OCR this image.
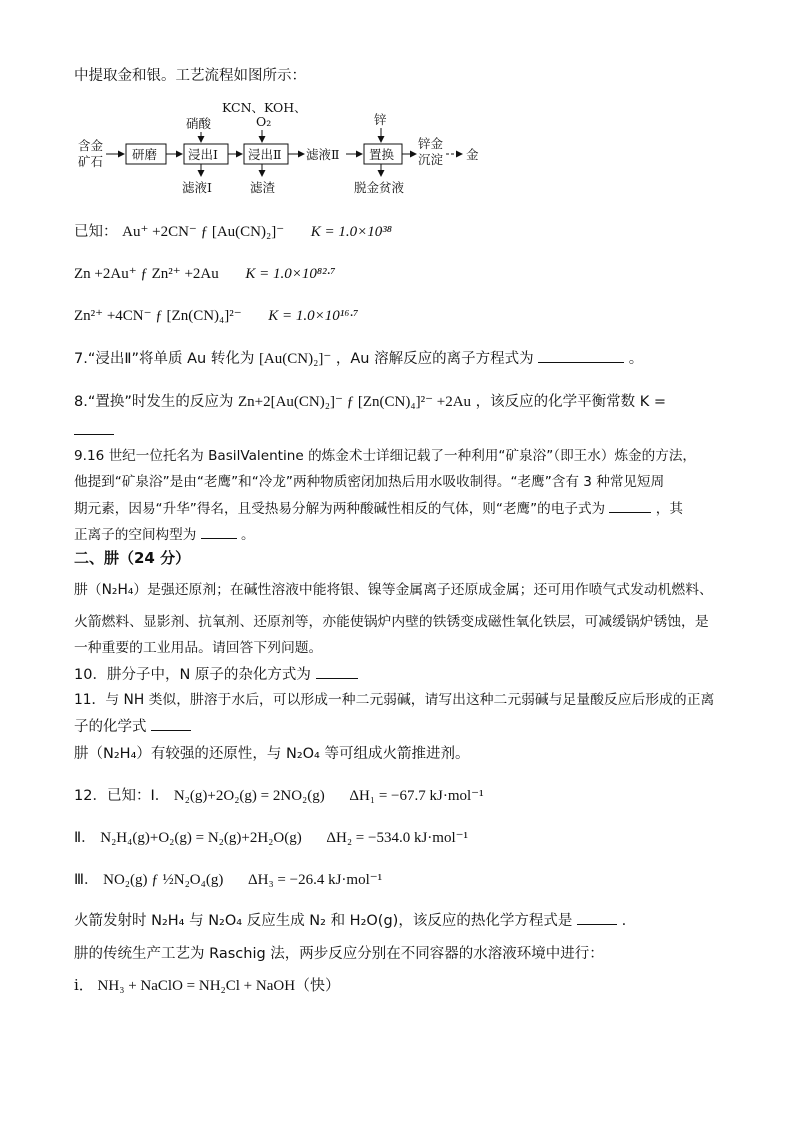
中提取金和银。工艺流程如图所示：
含金
矿石 研磨
硝酸
浸出Ⅰ
滤液Ⅰ
KCN、KOH、
O₂
浸出Ⅱ
滤渣
滤液Ⅱ
锌
置换
脱金贫液
锌金
沉淀 金
已知： Au⁺ +2CN⁻ ƒ [Au(CN)₂]⁻ K = 1.0×10³⁸
Zn +2Au⁺ ƒ Zn²⁺ +2Au K = 1.0×10⁸²·⁷
Zn²⁺ +4CN⁻ ƒ [Zn(CN)₄]²⁻ K = 1.0×10¹⁶·⁷
7.“浸出Ⅱ”将单质 Au 转化为 [Au(CN)₂]⁻ ，Au 溶解反应的离子方程式为	。
8.“置换”时发生的反应为 Zn+2[Au(CN)₂]⁻ ƒ [Zn(CN)₄]²⁻ +2Au ，该反应的化学平衡常数 K =
9.16 世纪一位托名为 BasilValentine 的炼金术士详细记载了一种利用“矿泉浴”（即王水）炼金的方法，
他提到“矿泉浴”是由“老鹰”和“冷龙”两种物质密闭加热后用水吸收制得。“老鹰”含有 3 种常见短周
期元素，因易“升华”得名，且受热易分解为两种酸碱性相反的气体，则“老鹰”的电子式为	，其
正离子的空间构型为	。
二、肼（24 分）
肼（N₂H₄）是强还原剂；在碱性溶液中能将银、镍等金属离子还原成金属；还可用作喷气式发动机燃料、
火箭燃料、显影剂、抗氧剂、还原剂等，亦能使锅炉内壁的铁锈变成磁性氧化铁层，可减缓锅炉锈蚀，是
一种重要的工业用品。请回答下列问题。
10．肼分子中，N 原子的杂化方式为
11．与 NH 类似，肼溶于水后，可以形成一种二元弱碱，请写出这种二元弱碱与足量酸反应后形成的正离
子的化学式
肼（N₂H₄）有较强的还原性，与 N₂O₄ 等可组成火箭推进剂。
12．已知：Ⅰ． N₂(g)+2O₂(g) = 2NO₂(g) ΔH₁ = −67.7 kJ·mol⁻¹
Ⅱ． N₂H₄(g)+O₂(g) = N₂(g)+2H₂O(g) ΔH₂ = −534.0 kJ·mol⁻¹
Ⅲ． NO₂(g) ƒ ½N₂O₄(g) ΔH₃ = −26.4 kJ·mol⁻¹
火箭发射时 N₂H₄ 与 N₂O₄ 反应生成 N₂ 和 H₂O(g)，该反应的热化学方程式是	.
肼的传统生产工艺为 Raschig 法，两步反应分别在不同容器的水溶液环境中进行：
ⅰ． NH₃ + NaClO = NH₂Cl + NaOH（快）
